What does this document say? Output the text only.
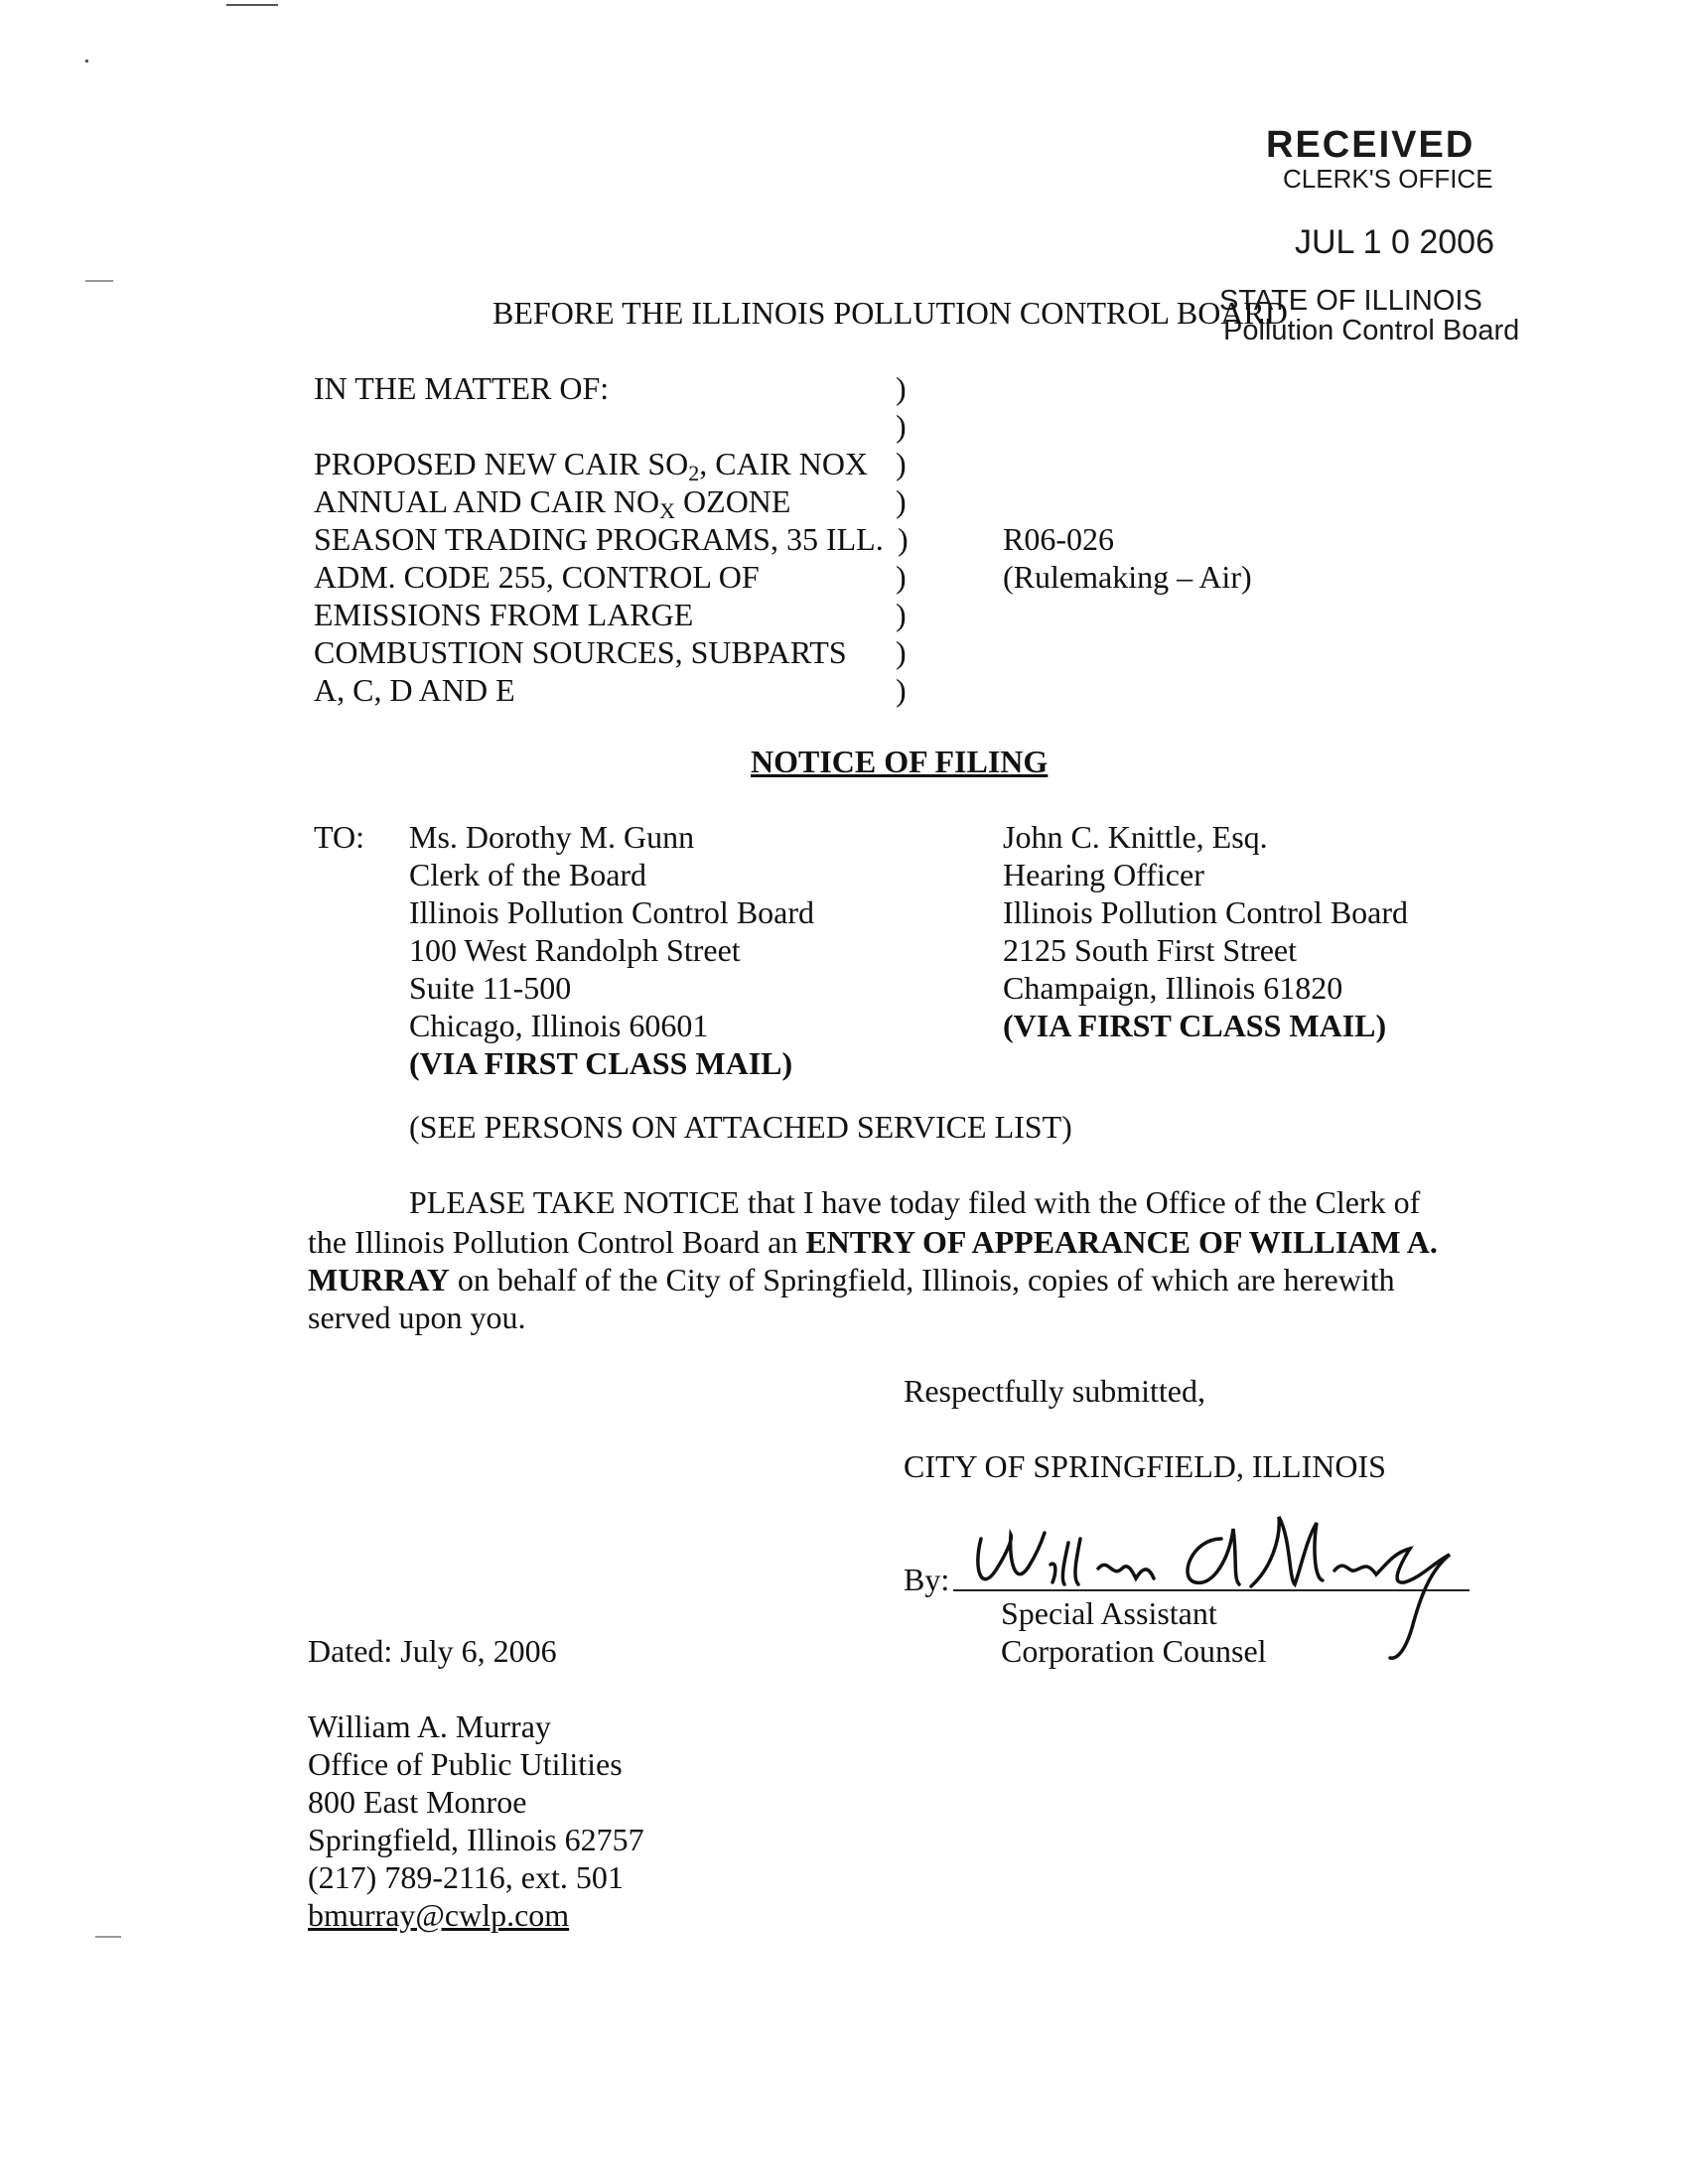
RECEIVED
CLERK'S OFFICE
JUL 1 0 2006
STATE OF ILLINOIS
Pollution Control Board
BEFORE THE ILLINOIS POLLUTION CONTROL BOARD
IN THE MATTER OF:
PROPOSED NEW CAIR $SO_2$, CAIR NOX
ANNUAL AND CAIR $NO_X$ OZONE
SEASON TRADING PROGRAMS, 35 ILL.
ADM. CODE 255, CONTROL OF
EMISSIONS FROM LARGE
COMBUSTION SOURCES, SUBPARTS
A, C, D AND E
)
)
)
)
)
)
)
)
)
R06-026
(Rulemaking – Air)
NOTICE OF FILING
TO: Ms. Dorothy M. Gunn
Clerk of the Board
Illinois Pollution Control Board
100 West Randolph Street
Suite 11-500
Chicago, Illinois 60601
(VIA FIRST CLASS MAIL)
John C. Knittle, Esq.
Hearing Officer
Illinois Pollution Control Board
2125 South First Street
Champaign, Illinois 61820
(VIA FIRST CLASS MAIL)
(SEE PERSONS ON ATTACHED SERVICE LIST)
PLEASE TAKE NOTICE that I have today filed with the Office of the Clerk of
the Illinois Pollution Control Board an ENTRY OF APPEARANCE OF WILLIAM A.
MURRAY on behalf of the City of Springfield, Illinois, copies of which are herewith
served upon you.
Respectfully submitted,
CITY OF SPRINGFIELD, ILLINOIS
By:
Special Assistant
Corporation Counsel
Dated: July 6, 2006
William A. Murray
Office of Public Utilities
800 East Monroe
Springfield, Illinois 62757
(217) 789-2116, ext. 501
bmurray@cwlp.com
